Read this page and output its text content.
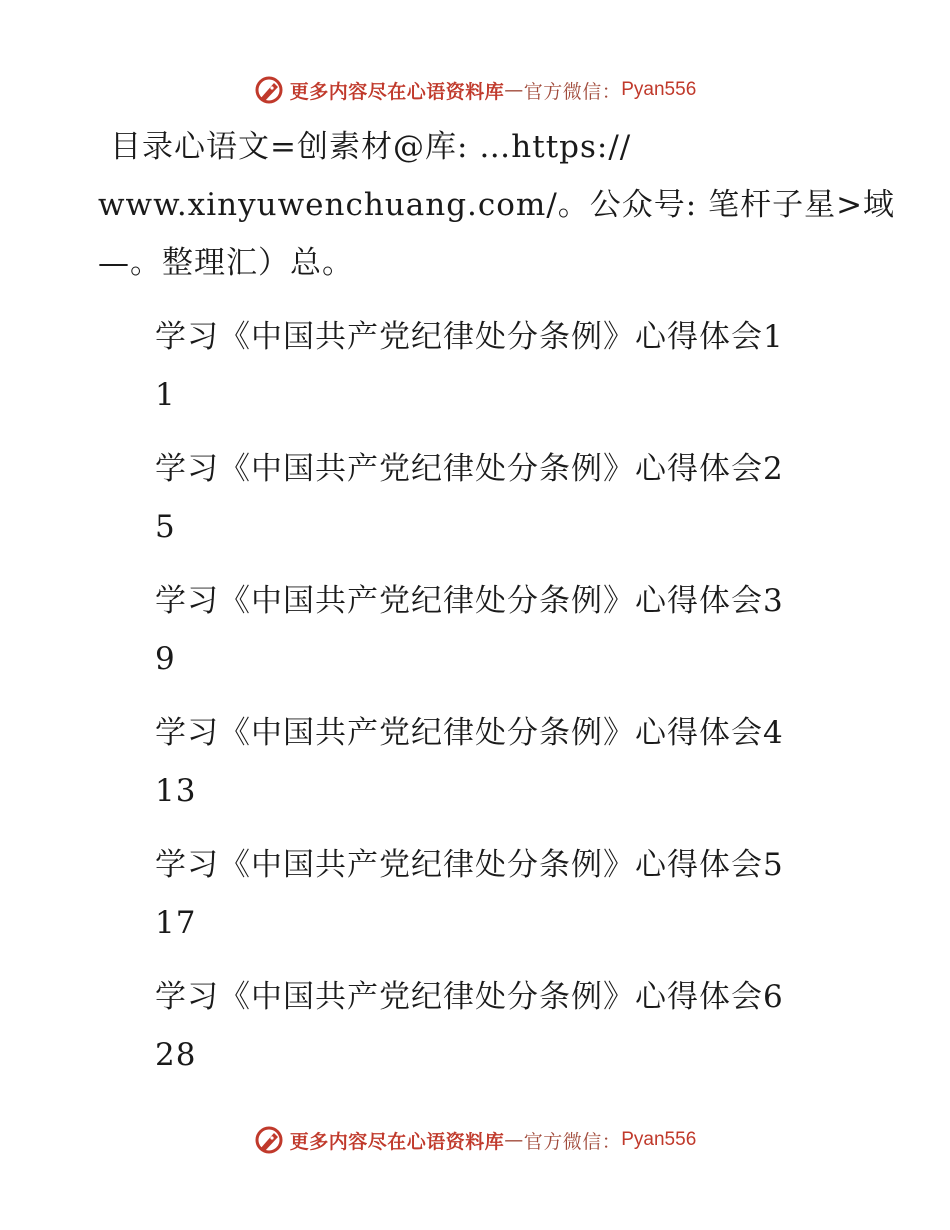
更多内容尽在心语资料库 — 官方微信： Pyan556
目录心语文=创素材@库: …https://
www.xinyuwenchuang.com/。公众号: 笔杆子星>域
—。整理汇）总。
学习《中国共产党纪律处分条例》心得体会1
1
学习《中国共产党纪律处分条例》心得体会2
5
学习《中国共产党纪律处分条例》心得体会3
9
学习《中国共产党纪律处分条例》心得体会4
13
学习《中国共产党纪律处分条例》心得体会5
17
学习《中国共产党纪律处分条例》心得体会6
28
更多内容尽在心语资料库 — 官方微信： Pyan556
